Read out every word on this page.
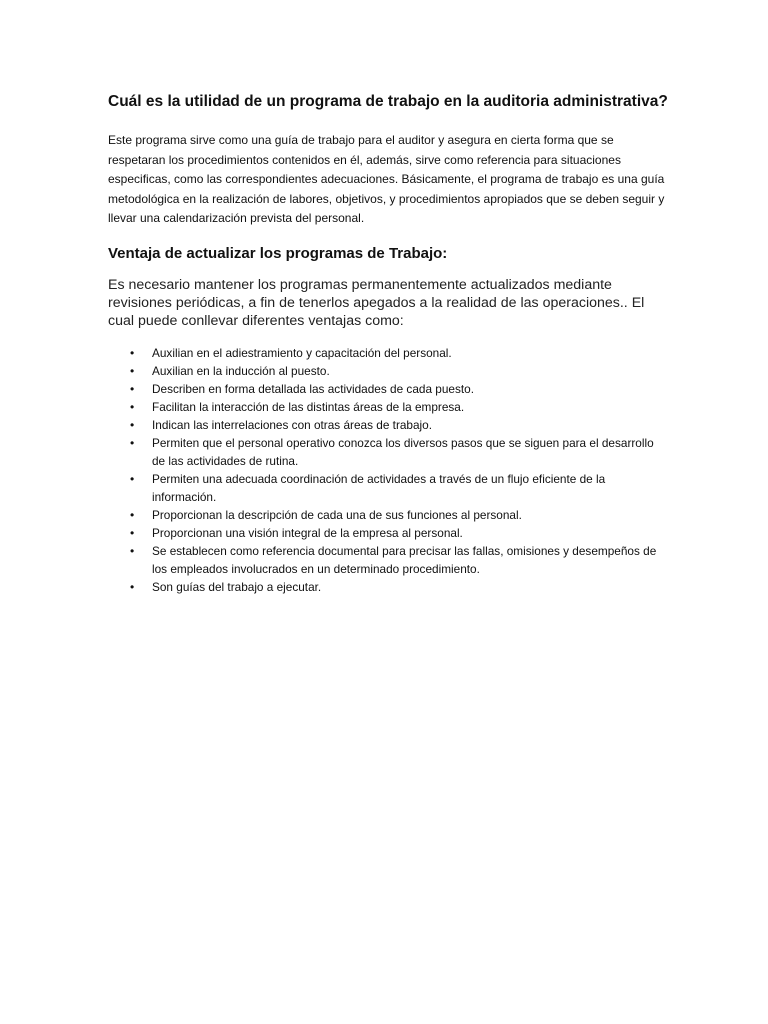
Cuál es la utilidad de un programa de trabajo en la auditoria administrativa?

Este programa sirve como una guía de trabajo para el auditor y asegura en cierta forma que se respetaran los procedimientos contenidos en él, además, sirve como referencia para situaciones especificas, como las correspondientes adecuaciones. Básicamente, el programa de trabajo es una guía metodológica en la realización de labores, objetivos, y procedimientos apropiados que se deben seguir y llevar una calendarización prevista del personal.

Ventaja de actualizar los programas de Trabajo:

Es necesario mantener los programas permanentemente actualizados mediante revisiones periódicas, a fin de tenerlos apegados a la realidad de las operaciones.. El cual puede conllevar diferentes ventajas como:

• Auxilian en el adiestramiento y capacitación del personal.
• Auxilian en la inducción al puesto.
• Describen en forma detallada las actividades de cada puesto.
• Facilitan la interacción de las distintas áreas de la empresa.
• Indican las interrelaciones con otras áreas de trabajo.
• Permiten que el personal operativo conozca los diversos pasos que se siguen para el desarrollo de las actividades de rutina.
• Permiten una adecuada coordinación de actividades a través de un flujo eficiente de la información.
• Proporcionan la descripción de cada una de sus funciones al personal.
• Proporcionan una visión integral de la empresa al personal.
• Se establecen como referencia documental para precisar las fallas, omisiones y desempeños de los empleados involucrados en un determinado procedimiento.
• Son guías del trabajo a ejecutar.
